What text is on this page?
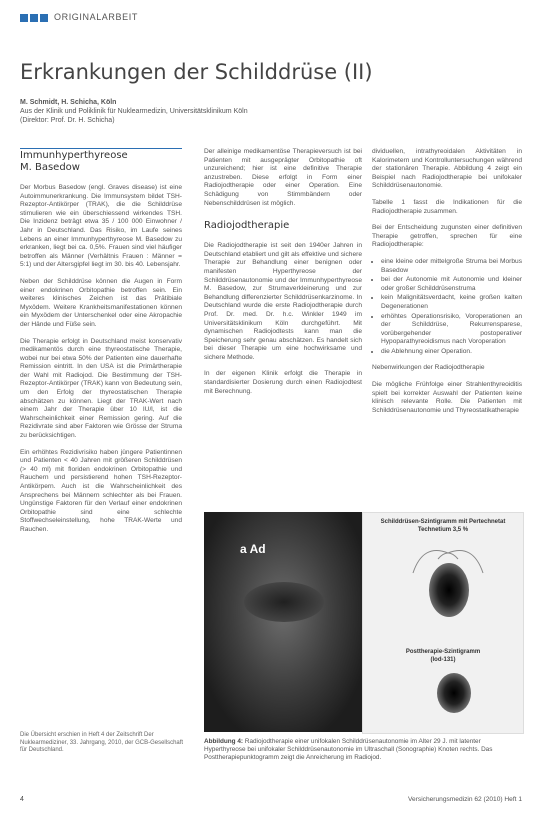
ORIGINALARBEIT
Erkrankungen der Schilddrüse (II)
M. Schmidt, H. Schicha, Köln
Aus der Klinik und Poliklinik für Nuklearmedizin, Universitätsklinikum Köln
(Direktor: Prof. Dr. H. Schicha)
Immunhyperthyreose
M. Basedow

Der Morbus Basedow (engl. Graves disease) ist eine Autoimmunerkrankung. Die Immunsystem bildet TSH-Rezeptor-Antikörper (TRAK), die die Schilddrüse stimulieren wie ein überschiessend wirkendes TSH. Die Inzidenz beträgt etwa 35 / 100 000 Einwohner / Jahr in Deutschland. Das Risiko, im Laufe seines Lebens an einer Immunhyperthyreose M. Basedow zu erkranken, liegt bei ca. 0,5%. Frauen sind viel häufiger betroffen als Männer (Verhältnis Frauen : Männer = 5:1) und der Altersgipfel liegt im 30. bis 40. Lebensjahr.

Neben der Schilddrüse können die Augen in Form einer endokrinen Orbitopathie betroffen sein. Ein weiteres klinisches Zeichen ist das Prätibiale Myxödem. Weitere Krankheitsmanifestationen können ein Myxödem der Unterschenkel oder eine Akropachie der Hände und Füße sein.

Die Therapie erfolgt in Deutschland meist konservativ medikamentös durch eine thyreostatische Therapie, wobei nur bei etwa 50% der Patienten eine dauerhafte Remission eintritt. In den USA ist die Primärtherapie der Wahl mit Radiojod. Die Bestimmung der TSH-Rezeptor-Antikörper (TRAK) kann von Bedeutung sein, um den Erfolg der thyreostatischen Therapie abschätzen zu können. Liegt der TRAK-Wert nach einem Jahr der Therapie über 10 IU/l, ist die Wahrscheinlichkeit einer Remission gering. Auf die Rezidivrate sind aber Faktoren wie Grösse der Struma zu berücksichtigen.

Ein erhöhtes Rezidivrisiko haben jüngere Patientinnen und Patienten < 40 Jahren mit größeren Schilddrüsen (> 40 ml) mit floriden endokrinen Orbitopathie und Rauchern und persistierend hohen TSH-Rezeptor-Antikörpern. Auch ist die Wahrscheinlichkeit des Ansprechens bei Männern schlechter als bei Frauen. Ungünstige Faktoren für den Verlauf einer endokrinen Orbitopathie sind eine schlechte Stoffwechseleinstellung, hohe TRAK-Werte und Rauchen.

Die Übersicht erschien in Heft 4 der Zeitschrift Der Nuklearmediziner, 33. Jahrgang, 2010, der GCB-Gesellschaft für Deutschland.

Der alleinige medikamentöse Therapieversuch ist bei Patienten mit ausgeprägter Orbitopathie oft unzureichend; hier ist eine definitive Therapie anzustreben. Diese erfolgt in Form einer Radiojodtherapie oder einer Operation. Eine Schädigung von Stimmbändern oder Nebenschilddrüsen ist möglich.

Radiojodtherapie

Die Radiojodtherapie ist seit den 1940er Jahren in Deutschland etabliert und gilt als effektive und sichere Therapie zur Behandlung einer benignen oder manifesten Hyperthyreose der Schilddrüsenautonomie und der Immunhyperthyreose M. Basedow, zur Strumaverkleinerung und zur Behandlung differenzierter Schilddrüsenkarzinome. In Deutschland wurde die erste Radiojodtherapie durch Prof. Dr. med. Dr. h.c. Winkler 1949 im Universitätsklinikum Köln durchgeführt. Mit dynamischen Radiojodtests kann man die Speicherung sehr genau abschätzen. Es handelt sich bei dieser Therapie um eine hochwirksame und sichere Methode.

In der eigenen Klinik erfolgt die Therapie in standardisierter Dosierung durch einen Radiojodtest mit Berechnung.

dividuellen, intrathyreoidalen Aktivitäten in Kalorimetern und Kontrolluntersuchungen während der stationären Therapie. Abbildung 4 zeigt ein Beispiel nach Radiojodtherapie bei unifokaler Schilddrüsenautonomie.

Tabelle 1 fasst die Indikationen für die Radiojodtherapie zusammen.

Bei der Entscheidung zugunsten einer definitiven Therapie getroffen, sprechen für eine Radiojodtherapie:

• eine kleine oder mittelgroße Struma bei Morbus Basedow
• bei der Autonomie mit Autonomie und kleiner oder großer Schilddrüsenstruma
• kein Malignitätsverdacht, keine großen kalten Degenerationen
• erhöhtes Operationsrisiko, Voroperationen an der Schilddrüse, Rekurrensparese, vorübergehender postoperativer Hypoparathyreoidismus nach Voroperation
• die Ablehnung einer Operation.

Nebenwirkungen der Radiojodtherapie

Die mögliche Frühfolge einer Strahlenthyreoiditis spielt bei korrekter Auswahl der Patienten keine klinisch relevante Rolle. Die Patienten mit Schilddrüsenautonomie und Thyreostatikatherapie

a Ad
Schilddrüsen-Szintigramm mit Pertechnetat
Technetium 3,5 %
Posttherapie-Szintigramm
(Iod-131)
Abbildung 4: Radiojodtherapie einer unifokalen Schilddrüsenautonomie im Alter 29 J. mit latenter Hyperthyreose bei unifokaler Schilddrüsenautonomie im Ultraschall (Sonographie) Knoten rechts. Das Posttherapiepunktogramm zeigt die Anreicherung im Radiojod.
4	Versicherungsmedizin 62 (2010) Heft 1
